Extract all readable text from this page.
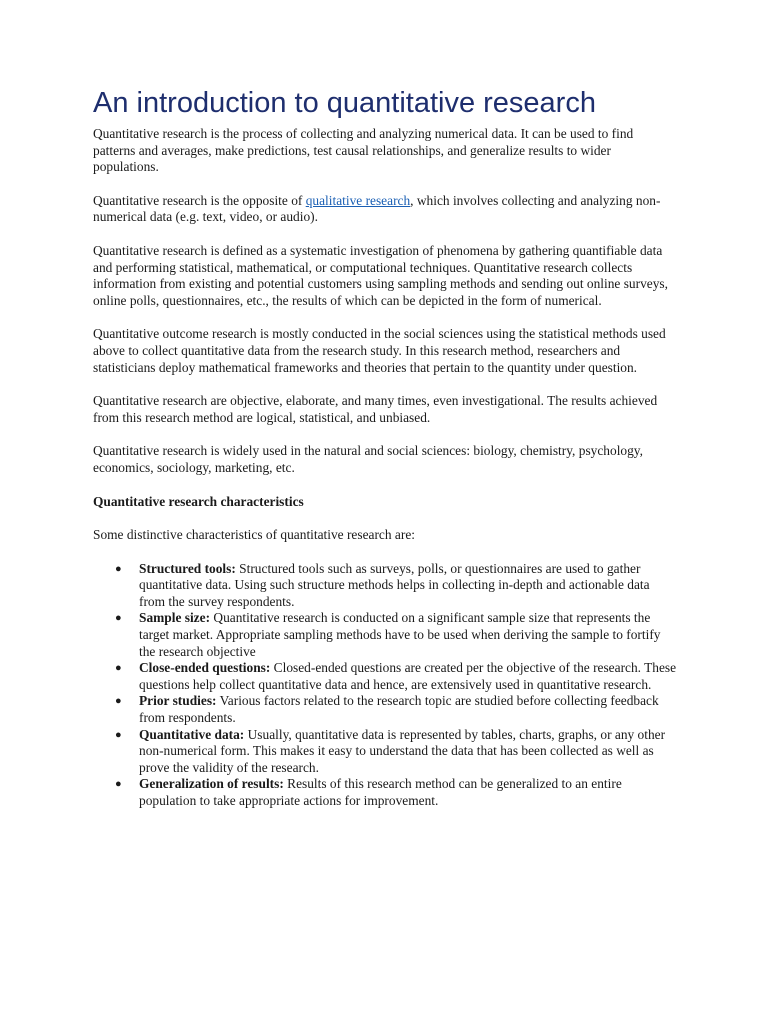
An introduction to quantitative research

Quantitative research is the process of collecting and analyzing numerical data. It can be used to find patterns and averages, make predictions, test causal relationships, and generalize results to wider populations.

Quantitative research is the opposite of qualitative research, which involves collecting and analyzing non-numerical data (e.g. text, video, or audio).

Quantitative research is defined as a systematic investigation of phenomena by gathering quantifiable data and performing statistical, mathematical, or computational techniques. Quantitative research collects information from existing and potential customers using sampling methods and sending out online surveys, online polls, questionnaires, etc., the results of which can be depicted in the form of numerical.

Quantitative outcome research is mostly conducted in the social sciences using the statistical methods used above to collect quantitative data from the research study. In this research method, researchers and statisticians deploy mathematical frameworks and theories that pertain to the quantity under question.

Quantitative research are objective, elaborate, and many times, even investigational. The results achieved from this research method are logical, statistical, and unbiased.

Quantitative research is widely used in the natural and social sciences: biology, chemistry, psychology, economics, sociology, marketing, etc.

Quantitative research characteristics

Some distinctive characteristics of quantitative research are:

● Structured tools: Structured tools such as surveys, polls, or questionnaires are used to gather quantitative data. Using such structure methods helps in collecting in-depth and actionable data from the survey respondents.
● Sample size: Quantitative research is conducted on a significant sample size that represents the target market. Appropriate sampling methods have to be used when deriving the sample to fortify the research objective
● Close-ended questions: Closed-ended questions are created per the objective of the research. These questions help collect quantitative data and hence, are extensively used in quantitative research.
● Prior studies: Various factors related to the research topic are studied before collecting feedback from respondents.
● Quantitative data: Usually, quantitative data is represented by tables, charts, graphs, or any other non-numerical form. This makes it easy to understand the data that has been collected as well as prove the validity of the research.
● Generalization of results: Results of this research method can be generalized to an entire population to take appropriate actions for improvement.
